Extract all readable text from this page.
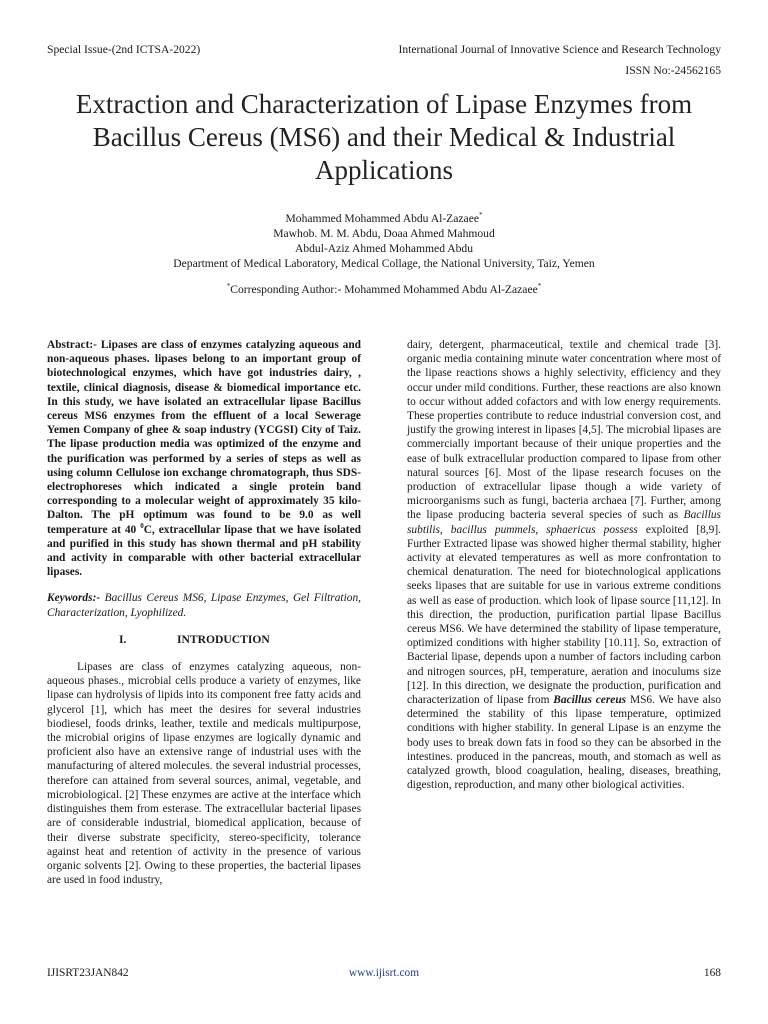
Special Issue-(2nd ICTSA-2022)	International Journal of Innovative Science and Research Technology
ISSN No:-24562165
Extraction and Characterization of Lipase Enzymes from Bacillus Cereus (MS6) and their Medical & Industrial Applications
Mohammed Mohammed Abdu Al-Zazaee*
Mawhob. M. M. Abdu, Doaa Ahmed Mahmoud
Abdul-Aziz Ahmed Mohammed Abdu
Department of Medical Laboratory, Medical Collage, the National University, Taiz, Yemen
*Corresponding Author:- Mohammed Mohammed Abdu Al-Zazaee*

Abstract:- Lipases are class of enzymes catalyzing aqueous and non-aqueous phases. lipases belong to an important group of biotechnological enzymes, which have got industries dairy, , textile, clinical diagnosis, disease & biomedical importance etc. In this study, we have isolated an extracellular lipase Bacillus cereus MS6 enzymes from the effluent of a local Sewerage Yemen Company of ghee & soap industry (YCGSI) City of Taiz. The lipase production media was optimized of the enzyme and the purification was performed by a series of steps as well as using column Cellulose ion exchange chromatograph, thus SDS- electrophoreses which indicated a single protein band corresponding to a molecular weight of approximately 35 kilo-Dalton. The pH optimum was found to be 9.0 as well temperature at 40 $^0$C, extracellular lipase that we have isolated and purified in this study has shown thermal and pH stability and activity in comparable with other bacterial extracellular lipases.

Keywords:- Bacillus Cereus MS6, Lipase Enzymes, Gel Filtration, Characterization, Lyophilized.

I.	INTRODUCTION

Lipases are class of enzymes catalyzing aqueous, non-aqueous phases., microbial cells produce a variety of enzymes, like lipase can hydrolysis of lipids into its component free fatty acids and glycerol [1], which has meet the desires for several industries biodiesel, foods drinks, leather, textile and medicals multipurpose, the microbial origins of lipase enzymes are logically dynamic and proficient also have an extensive range of industrial uses with the manufacturing of altered molecules. the several industrial processes, therefore can attained from several sources, animal, vegetable, and microbiological. [2] These enzymes are active at the interface which distinguishes them from esterase. The extracellular bacterial lipases are of considerable industrial, biomedical application, because of their diverse substrate specificity, stereo-specificity, tolerance against heat and retention of activity in the presence of various organic solvents [2]. Owing to these properties, the bacterial lipases are used in food industry,

dairy, detergent, pharmaceutical, textile and chemical trade [3]. organic media containing minute water concentration where most of the lipase reactions shows a highly selectivity, efficiency and they occur under mild conditions. Further, these reactions are also known to occur without added cofactors and with low energy requirements. These properties contribute to reduce industrial conversion cost, and justify the growing interest in lipases [4,5]. The microbial lipases are commercially important because of their unique properties and the ease of bulk extracellular production compared to lipase from other natural sources [6]. Most of the lipase research focuses on the production of extracellular lipase though a wide variety of microorganisms such as fungi, bacteria archaea [7]. Further, among the lipase producing bacteria several species of such as Bacillus subtilis, bacillus pummels, sphaericus possess exploited [8,9]. Further Extracted lipase was showed higher thermal stability, higher activity at elevated temperatures as well as more confrontation to chemical denaturation. The need for biotechnological applications seeks lipases that are suitable for use in various extreme conditions as well as ease of production. which look of lipase source [11,12]. In this direction, the production, purification partial lipase Bacillus cereus MS6. We have determined the stability of lipase temperature, optimized conditions with higher stability [10.11]. So, extraction of Bacterial lipase, depends upon a number of factors including carbon and nitrogen sources, pH, temperature, aeration and inoculums size [12]. In this direction, we designate the production, purification and characterization of lipase from Bacillus cereus MS6. We have also determined the stability of this lipase temperature, optimized conditions with higher stability. In general Lipase is an enzyme the body uses to break down fats in food so they can be absorbed in the intestines. produced in the pancreas, mouth, and stomach as well as catalyzed growth, blood coagulation, healing, diseases, breathing, digestion, reproduction, and many other biological activities.

IJISRT23JAN842	www.ijisrt.com	168
